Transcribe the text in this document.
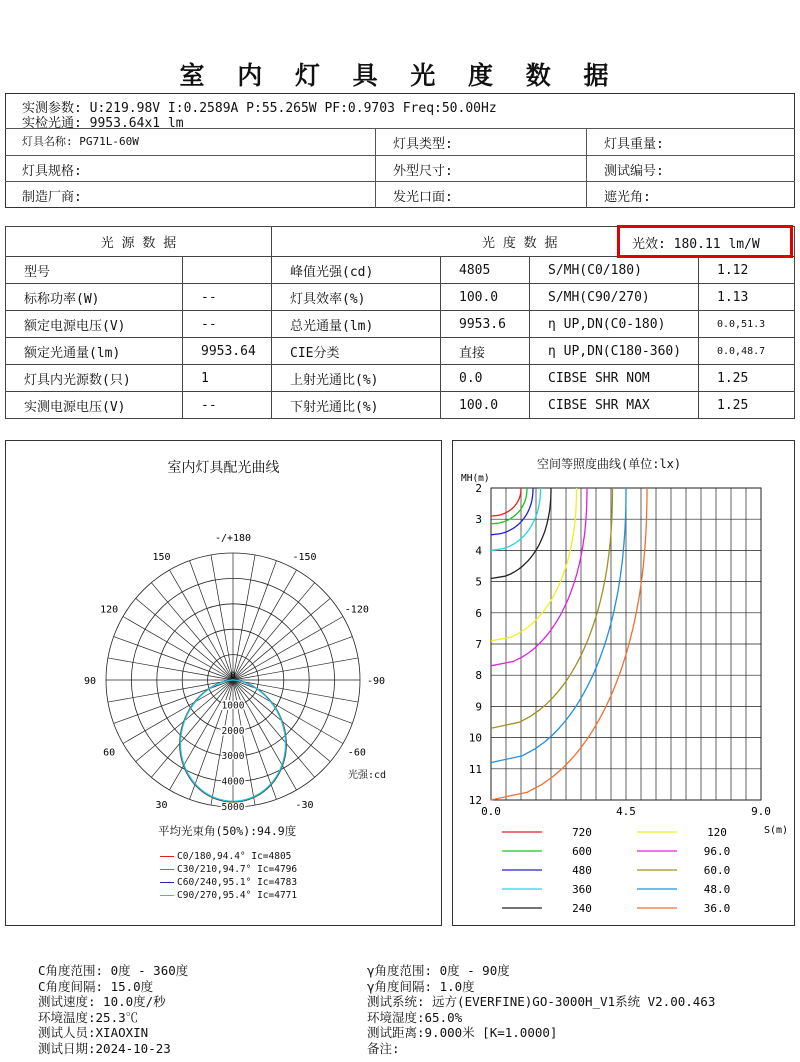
室 内 灯 具 光 度 数 据
实测参数: U:219.98V I:0.2589A P:55.265W PF:0.9703 Freq:50.00Hz
实检光通: 9953.64x1 lm
灯具名称: PG71L-60W	灯具类型:	灯具重量:
灯具规格:	外型尺寸:	测试编号:
制造厂商:	发光口面:	遮光角:
光 源 数 据		光 度 数 据			
型号		峰值光强(cd)	4805	S/MH(C0/180)	1.12
标称功率(W)	--	灯具效率(%)	100.0	S/MH(C90/270)	1.13
额定电源电压(V)	--	总光通量(lm)	9953.6	η UP,DN(C0-180)	0.0,51.3
额定光通量(lm)	9953.64	CIE分类	直接	η UP,DN(C180-360)	0.0,48.7
灯具内光源数(只)	1	上射光通比(%)	0.0	CIBSE SHR NOM	1.25
实测电源电压(V)	--	下射光通比(%)	100.0	CIBSE SHR MAX	1.25
光效: 180.11 lm/W
室内灯具配光曲线
-/+180
150
120
90
60
30	-30
-60
-90
-120
-150
0
1000
2000
3000
4000
5000
平均光束角(50%):94.9度
光强:cd
C0/180,94.4° Ic=4805
C30/210,94.7° Ic=4796
C60/240,95.1° Ic=4783
C90/270,95.4° Ic=4771
空间等照度曲线(单位:lx)
MH(m)
S(m)
2
3
4
5
6
7
8
9
10
11
12
0.0	4.5	9.0
720
600
480
360
240
120
96.0
60.0
48.0
36.0
C角度范围: 0度 - 360度
C角度间隔: 15.0度
测试速度: 10.0度/秒
环境温度:25.3℃
测试人员:XIAOXIN
测试日期:2024-10-23
γ角度范围: 0度 - 90度
γ角度间隔: 1.0度
测试系统: 远方(EVERFINE)GO-3000H_V1系统 V2.00.463
环境湿度:65.0%
测试距离:9.000米 [K=1.0000]
备注:
